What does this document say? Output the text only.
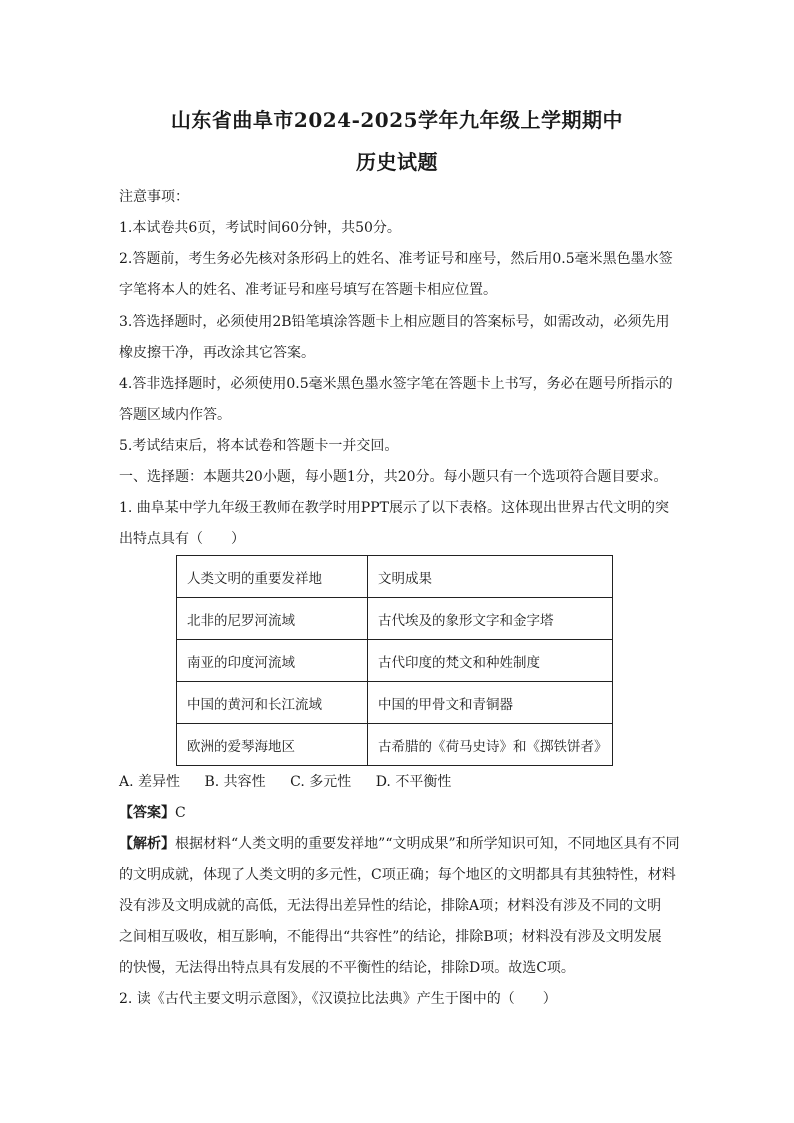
山东省曲阜市2024-2025学年九年级上学期期中
历史试题
注意事项：
1.本试卷共6页，考试时间60分钟，共50分。
2.答题前，考生务必先核对条形码上的姓名、准考证号和座号，然后用0.5毫米黑色墨水签
字笔将本人的姓名、准考证号和座号填写在答题卡相应位置。
3.答选择题时，必须使用2B铅笔填涂答题卡上相应题目的答案标号，如需改动，必须先用
橡皮擦干净，再改涂其它答案。
4.答非选择题时，必须使用0.5毫米黑色墨水签字笔在答题卡上书写，务必在题号所指示的
答题区域内作答。
5.考试结束后，将本试卷和答题卡一并交回。
一、选择题：本题共20小题，每小题1分，共20分。每小题只有一个选项符合题目要求。
1. 曲阜某中学九年级王教师在教学时用PPT展示了以下表格。这体现出世界古代文明的突
出特点具有（　　）
人类文明的重要发祥地	文明成果
北非的尼罗河流域	古代埃及的象形文字和金字塔
南亚的印度河流域	古代印度的梵文和种姓制度
中国的黄河和长江流域	中国的甲骨文和青铜器
欧洲的爱琴海地区	古希腊的《荷马史诗》和《掷铁饼者》
A. 差异性 B. 共容性 C. 多元性 D. 不平衡性
【答案】C
【解析】根据材料“人类文明的重要发祥地”“文明成果”和所学知识可知，不同地区具有不同
的文明成就，体现了人类文明的多元性，C项正确；每个地区的文明都具有其独特性，材料
没有涉及文明成就的高低，无法得出差异性的结论，排除A项；材料没有涉及不同的文明
之间相互吸收，相互影响，不能得出“共容性”的结论，排除B项；材料没有涉及文明发展
的快慢，无法得出特点具有发展的不平衡性的结论，排除D项。故选C项。
2. 读《古代主要文明示意图》，《汉谟拉比法典》产生于图中的（　　）
